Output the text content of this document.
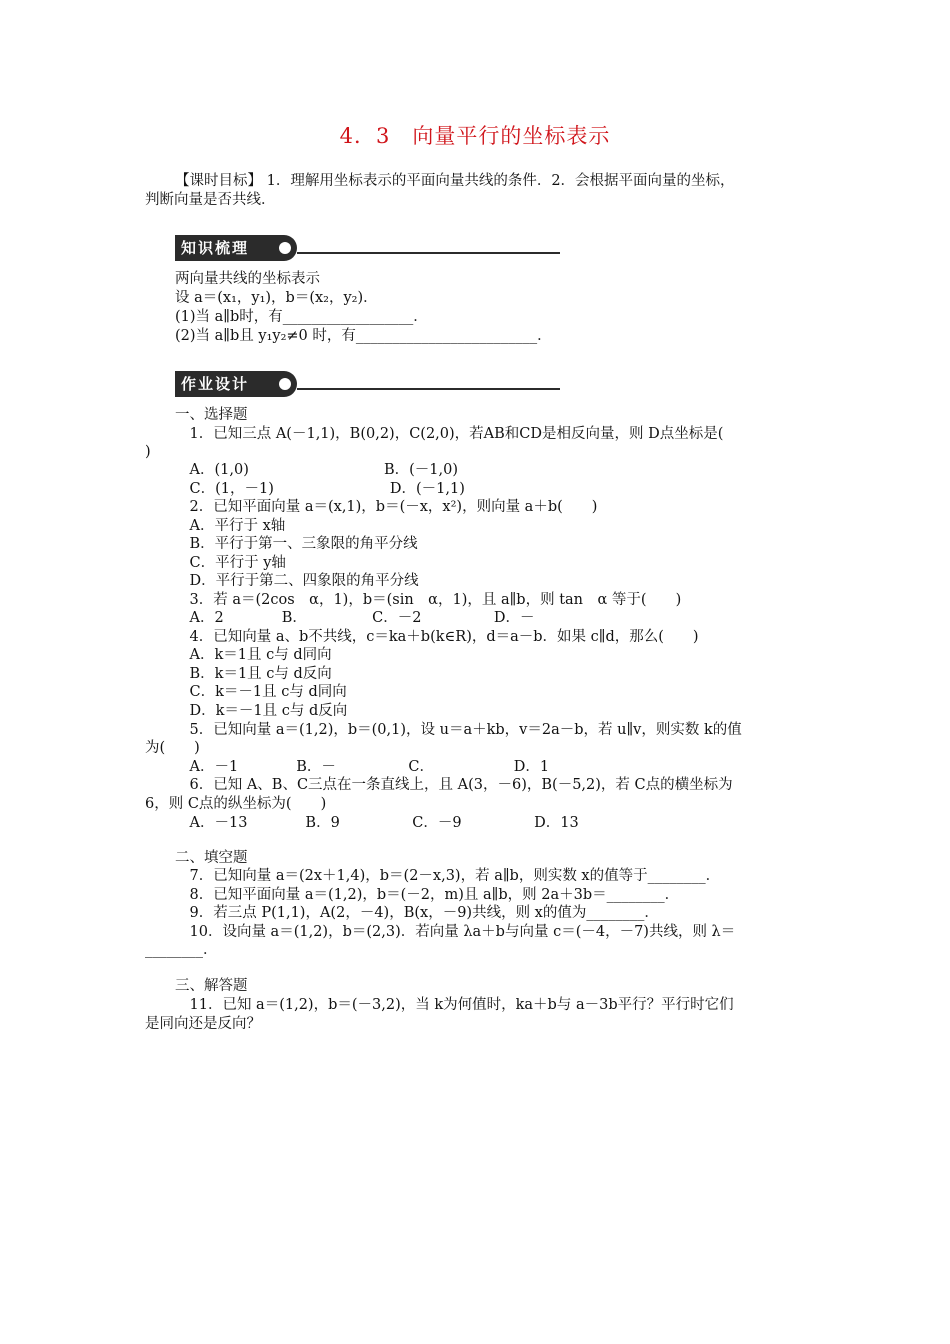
4．3　向量平行的坐标表示
【课时目标】 1．理解用坐标表示的平面向量共线的条件．2．会根据平面向量的坐标，
判断向量是否共线．
知识梳理
两向量共线的坐标表示
设 a＝(x₁，y₁)，b＝(x₂，y₂)．
(1)当 a∥b时，有__________________．
(2)当 a∥b且 y₁y₂≠0 时，有_________________________．
作业设计
一、选择题
　1．已知三点 A(－1,1)，B(0,2)，C(2,0)，若AB和CD是相反向量，则 D点坐标是(
)
　A．(1,0)　　　　　　　　　 B．(－1,0)
　C．(1，－1)　　　　　　　　D．(－1,1)
　2．已知平面向量 a＝(x,1)，b＝(－x，x²)，则向量 a＋b(　　)
　A．平行于 x轴
　B．平行于第一、三象限的角平分线
　C．平行于 y轴
　D．平行于第二、四象限的角平分线
　3．若 a＝(2cos　α，1)，b＝(sin　α，1)，且 a∥b，则 tan　α 等于(　　)
　A．2　　　　B．　　　　　C．－2　　　　　D．－
　4．已知向量 a、b不共线，c＝ka＋b(k∈R)，d＝a－b．如果 c∥d，那么(　　)
　A．k＝1且 c与 d同向
　B．k＝1且 c与 d反向
　C．k＝－1且 c与 d同向
　D．k＝－1且 c与 d反向
　5．已知向量 a＝(1,2)，b＝(0,1)，设 u＝a＋kb，v＝2a－b，若 u∥v，则实数 k的值
为(　　)
　A．－1　　　　B．－　　　　　C．　　　　　　D．1
　6．已知 A、B、C三点在一条直线上，且 A(3，－6)，B(－5,2)，若 C点的横坐标为
6，则 C点的纵坐标为(　　)
　A．－13　　　　B．9　　　　　C．－9　　　　　D．13
二、填空题
　7．已知向量 a＝(2x＋1,4)，b＝(2－x,3)，若 a∥b，则实数 x的值等于________．
　8．已知平面向量 a＝(1,2)，b＝(－2，m)且 a∥b，则 2a＋3b＝________．
　9．若三点 P(1,1)，A(2，－4)，B(x，－9)共线，则 x的值为________．
　10．设向量 a＝(1,2)，b＝(2,3)．若向量 λa＋b与向量 c＝(－4，－7)共线，则 λ＝
________．
三、解答题
　11．已知 a＝(1,2)，b＝(－3,2)，当 k为何值时，ka＋b与 a－3b平行？平行时它们
是同向还是反向？
